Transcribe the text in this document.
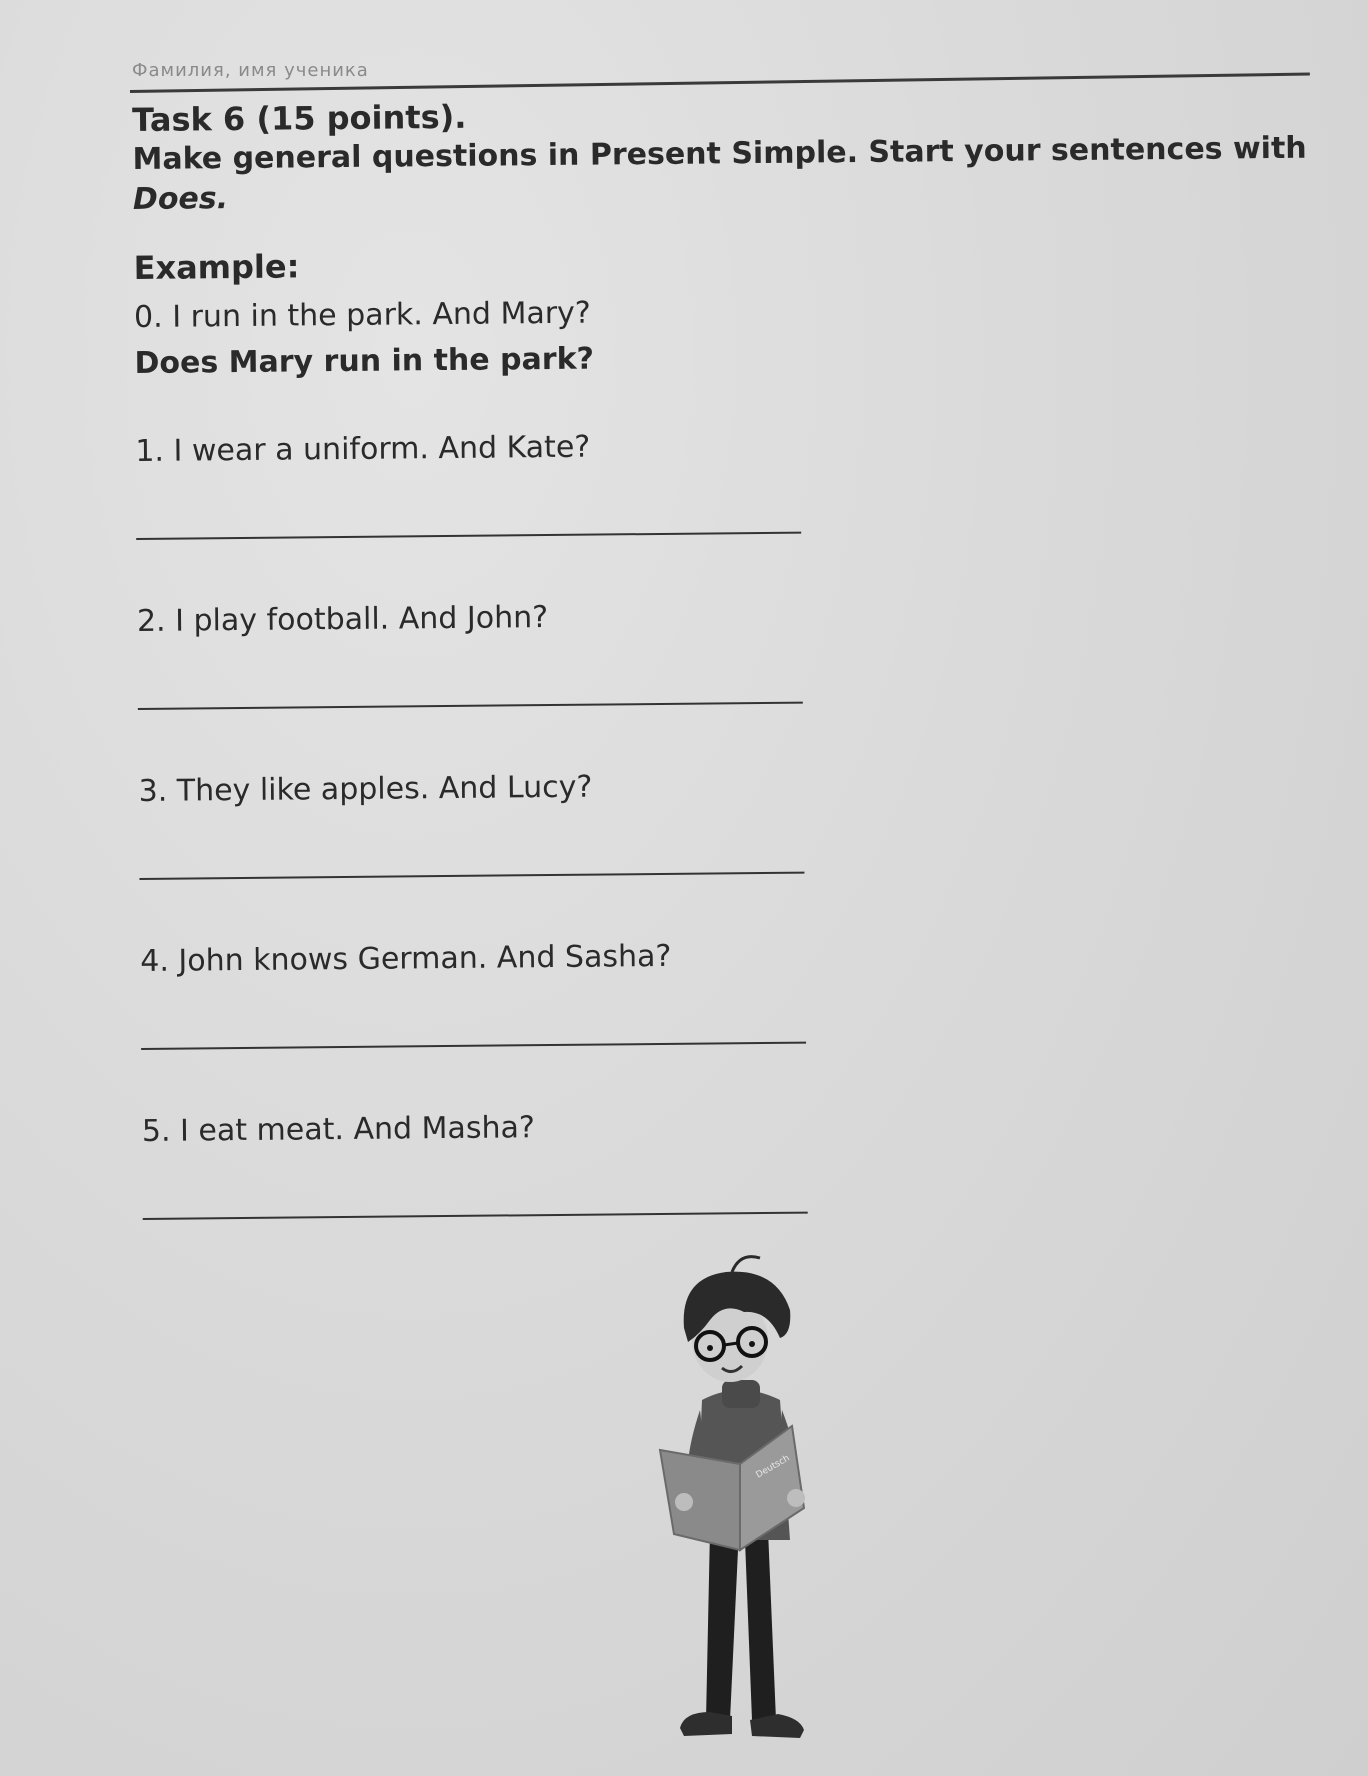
Фамилия, имя ученика

Task 6 (15 points).

Make general questions in Present Simple. Start your sentences with Does.

Example:
0. I run in the park. And Mary?
Does Mary run in the park?
1. I wear a uniform. And Kate?
2. I play football. And John?
3. They like apples. And Lucy?
4. John knows German. And Sasha?
5. I eat meat. And Masha?
Deutsch
